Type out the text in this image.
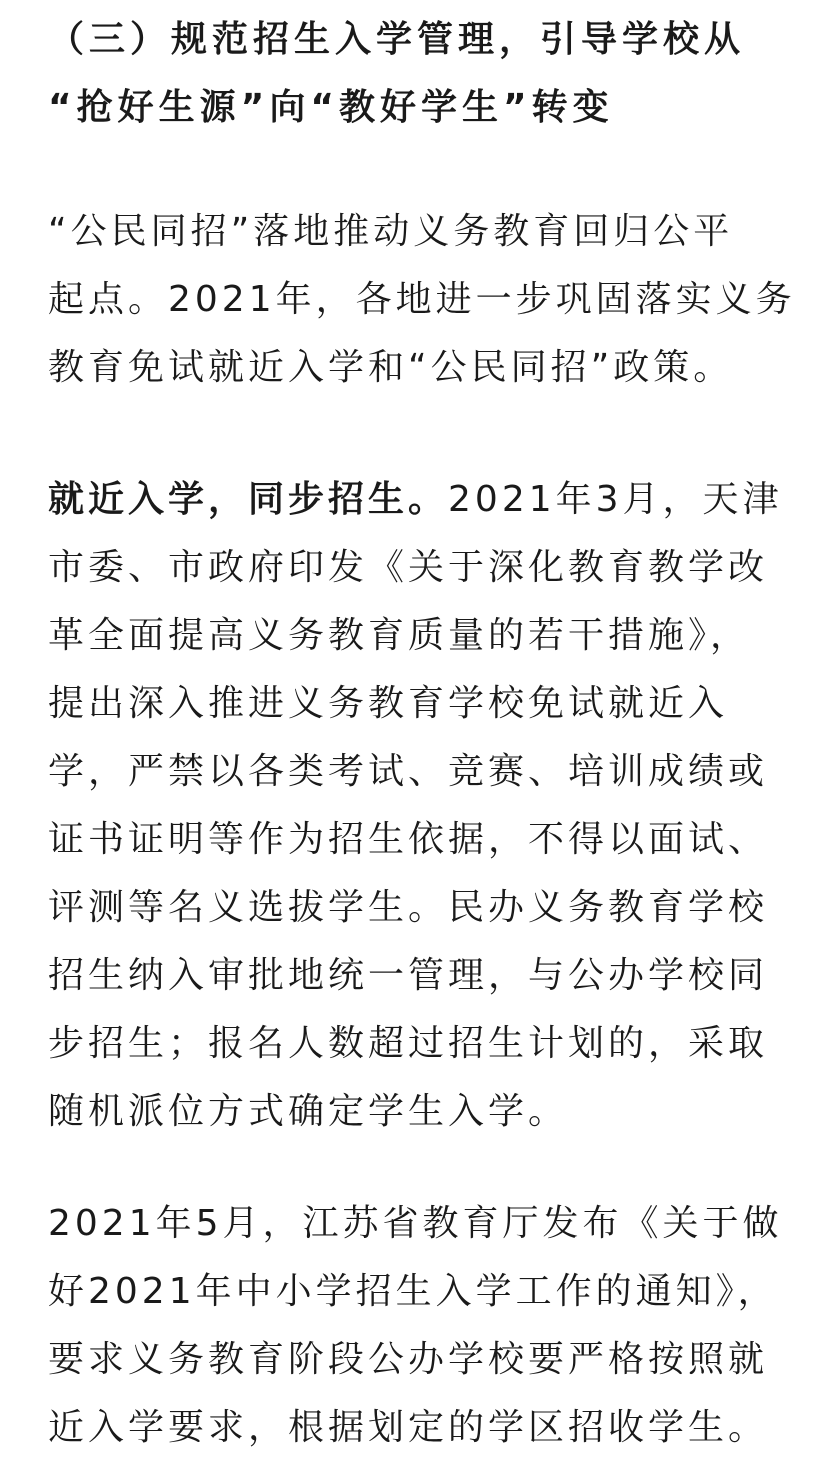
（三）规范招生入学管理，引导学校从
“抢好生源”向“教好学生”转变
“公民同招”落地推动义务教育回归公平
起点。2021年，各地进一步巩固落实义务
教育免试就近入学和“公民同招”政策。
就近入学，同步招生。2021年3月，天津
市委、市政府印发《关于深化教育教学改
革全面提高义务教育质量的若干措施》，
提出深入推进义务教育学校免试就近入
学，严禁以各类考试、竞赛、培训成绩或
证书证明等作为招生依据，不得以面试、
评测等名义选拔学生。民办义务教育学校
招生纳入审批地统一管理，与公办学校同
步招生；报名人数超过招生计划的，采取
随机派位方式确定学生入学。
2021年5月，江苏省教育厅发布《关于做
好2021年中小学招生入学工作的通知》，
要求义务教育阶段公办学校要严格按照就
近入学要求，根据划定的学区招收学生。
